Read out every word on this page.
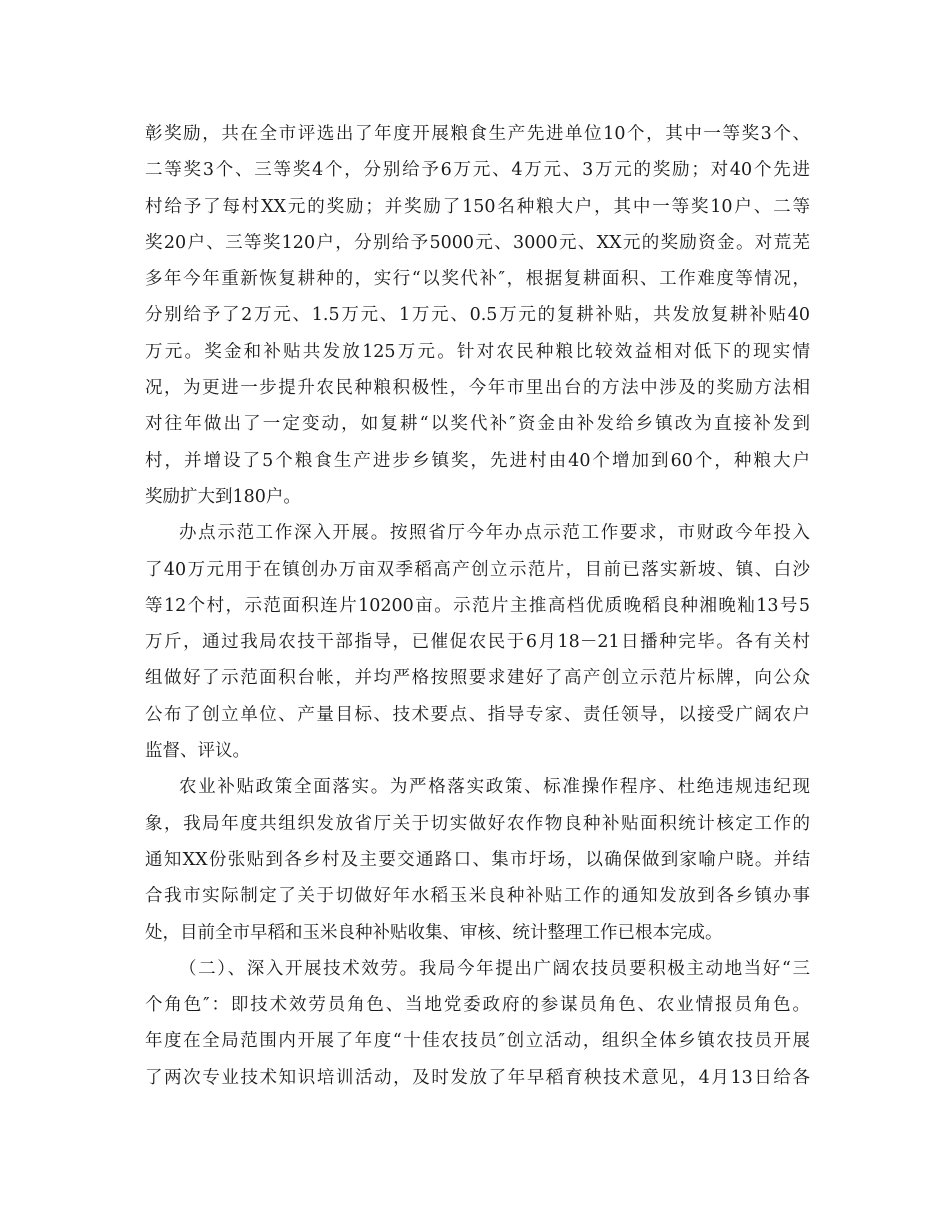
彰奖励，共在全市评选出了年度开展粮食生产先进单位10个，其中一等奖3个、
二等奖3个、三等奖4个，分别给予6万元、4万元、3万元的奖励；对40个先进
村给予了每村XX元的奖励；并奖励了150名种粮大户，其中一等奖10户、二等
奖20户、三等奖120户，分别给予5000元、3000元、XX元的奖励资金。对荒芜
多年今年重新恢复耕种的，实行“以奖代补″，根据复耕面积、工作难度等情况，
分别给予了2万元、1.5万元、1万元、0.5万元的复耕补贴，共发放复耕补贴40
万元。奖金和补贴共发放125万元。针对农民种粮比较效益相对低下的现实情
况，为更进一步提升农民种粮积极性，今年市里出台的方法中涉及的奖励方法相
对往年做出了一定变动，如复耕“以奖代补″资金由补发给乡镇改为直接补发到
村，并增设了5个粮食生产进步乡镇奖，先进村由40个增加到60个，种粮大户
奖励扩大到180户。
办点示范工作深入开展。按照省厅今年办点示范工作要求，市财政今年投入
了40万元用于在镇创办万亩双季稻高产创立示范片，目前已落实新坡、镇、白沙
等12个村，示范面积连片10200亩。示范片主推高档优质晚稻良种湘晚籼13号5
万斤，通过我局农技干部指导，已催促农民于6月18－21日播种完毕。各有关村
组做好了示范面积台帐，并均严格按照要求建好了高产创立示范片标牌，向公众
公布了创立单位、产量目标、技术要点、指导专家、责任领导，以接受广阔农户
监督、评议。
农业补贴政策全面落实。为严格落实政策、标准操作程序、杜绝违规违纪现
象，我局年度共组织发放省厅关于切实做好农作物良种补贴面积统计核定工作的
通知XX份张贴到各乡村及主要交通路口、集市圩场，以确保做到家喻户晓。并结
合我市实际制定了关于切做好年水稻玉米良种补贴工作的通知发放到各乡镇办事
处，目前全市早稻和玉米良种补贴收集、审核、统计整理工作已根本完成。
（二）、深入开展技术效劳。我局今年提出广阔农技员要积极主动地当好“三
个角色″：即技术效劳员角色、当地党委政府的参谋员角色、农业情报员角色。
年度在全局范围内开展了年度“十佳农技员″创立活动，组织全体乡镇农技员开展
了两次专业技术知识培训活动，及时发放了年早稻育秧技术意见，4月13日给各
